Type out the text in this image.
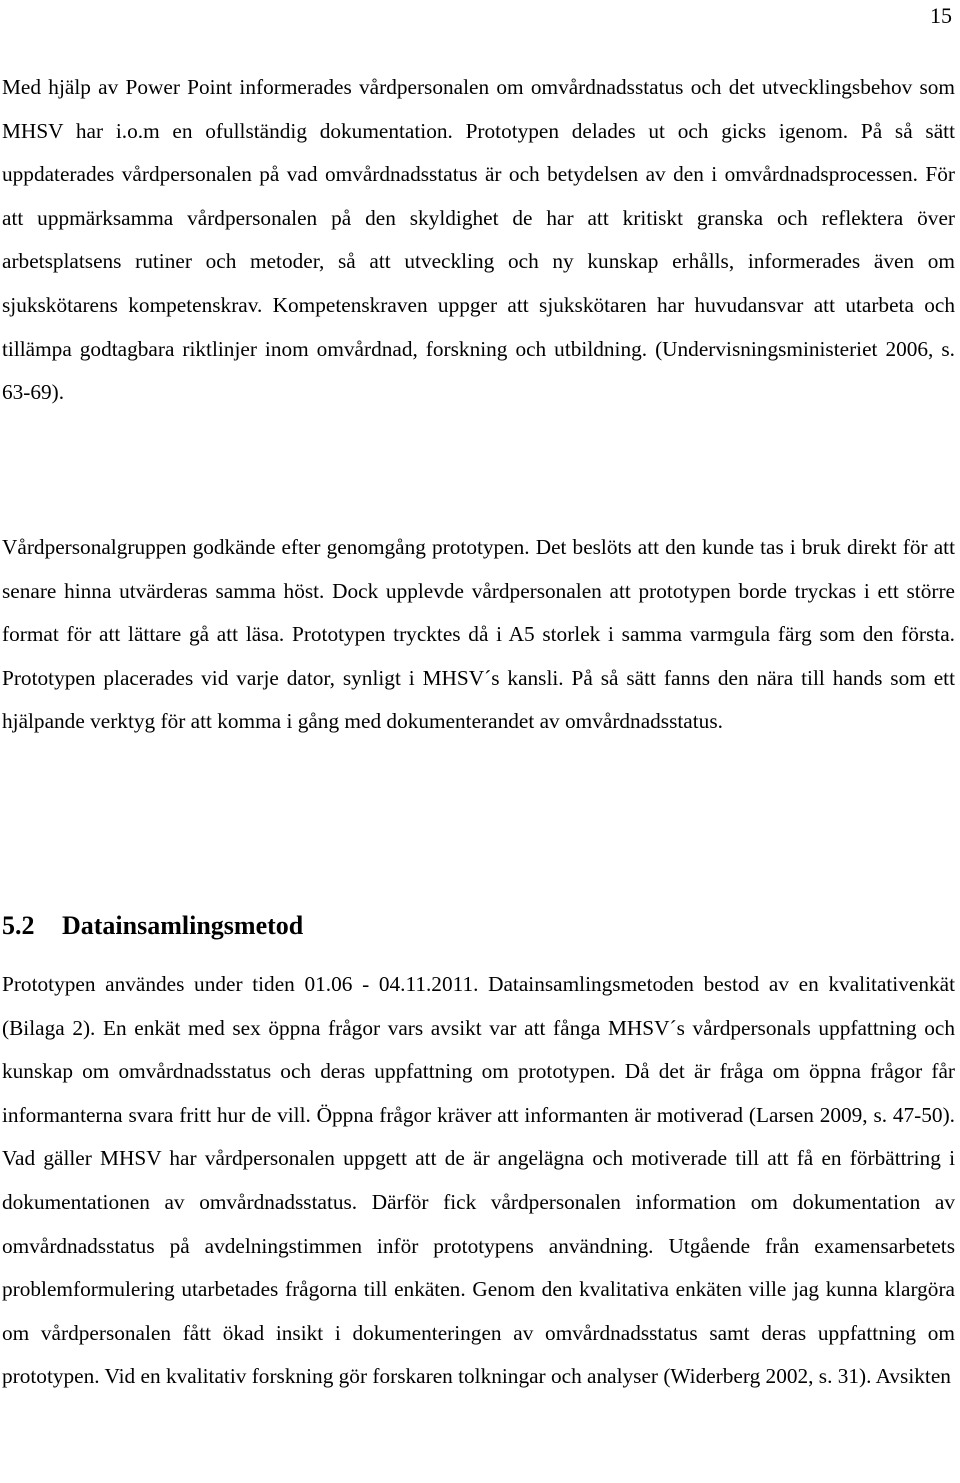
15

Med hjälp av Power Point informerades vårdpersonalen om omvårdnadsstatus och det utvecklingsbehov som MHSV har i.o.m en ofullständig dokumentation. Prototypen delades ut och gicks igenom. På så sätt uppdaterades vårdpersonalen på vad omvårdnadsstatus är och betydelsen av den i omvårdnadsprocessen. För att uppmärksamma vårdpersonalen på den skyldighet de har att kritiskt granska och reflektera över arbetsplatsens rutiner och metoder, så att utveckling och ny kunskap erhålls, informerades även om sjukskötarens kompetenskrav. Kompetenskraven uppger att sjukskötaren har huvudansvar att utarbeta och tillämpa godtagbara riktlinjer inom omvårdnad, forskning och utbildning. (Undervisningsministeriet 2006, s. 63-69).

Vårdpersonalgruppen godkände efter genomgång prototypen. Det beslöts att den kunde tas i bruk direkt för att senare hinna utvärderas samma höst. Dock upplevde vårdpersonalen att prototypen borde tryckas i ett större format för att lättare gå att läsa. Prototypen trycktes då i A5 storlek i samma varmgula färg som den första. Prototypen placerades vid varje dator, synligt i MHSV´s kansli. På så sätt fanns den nära till hands som ett hjälpande verktyg för att komma i gång med dokumenterandet av omvårdnadsstatus.

5.2 Datainsamlingsmetod

Prototypen användes under tiden 01.06 - 04.11.2011. Datainsamlingsmetoden bestod av en kvalitativenkät (Bilaga 2). En enkät med sex öppna frågor vars avsikt var att fånga MHSV´s vårdpersonals uppfattning och kunskap om omvårdnadsstatus och deras uppfattning om prototypen. Då det är fråga om öppna frågor får informanterna svara fritt hur de vill. Öppna frågor kräver att informanten är motiverad (Larsen 2009, s. 47-50). Vad gäller MHSV har vårdpersonalen uppgett att de är angelägna och motiverade till att få en förbättring i dokumentationen av omvårdnadsstatus. Därför fick vårdpersonalen information om dokumentation av omvårdnadsstatus på avdelningstimmen inför prototypens användning. Utgående från examensarbetets problemformulering utarbetades frågorna till enkäten. Genom den kvalitativa enkäten ville jag kunna klargöra om vårdpersonalen fått ökad insikt i dokumenteringen av omvårdnadsstatus samt deras uppfattning om prototypen. Vid en kvalitativ forskning gör forskaren tolkningar och analyser (Widerberg 2002, s. 31). Avsikten
